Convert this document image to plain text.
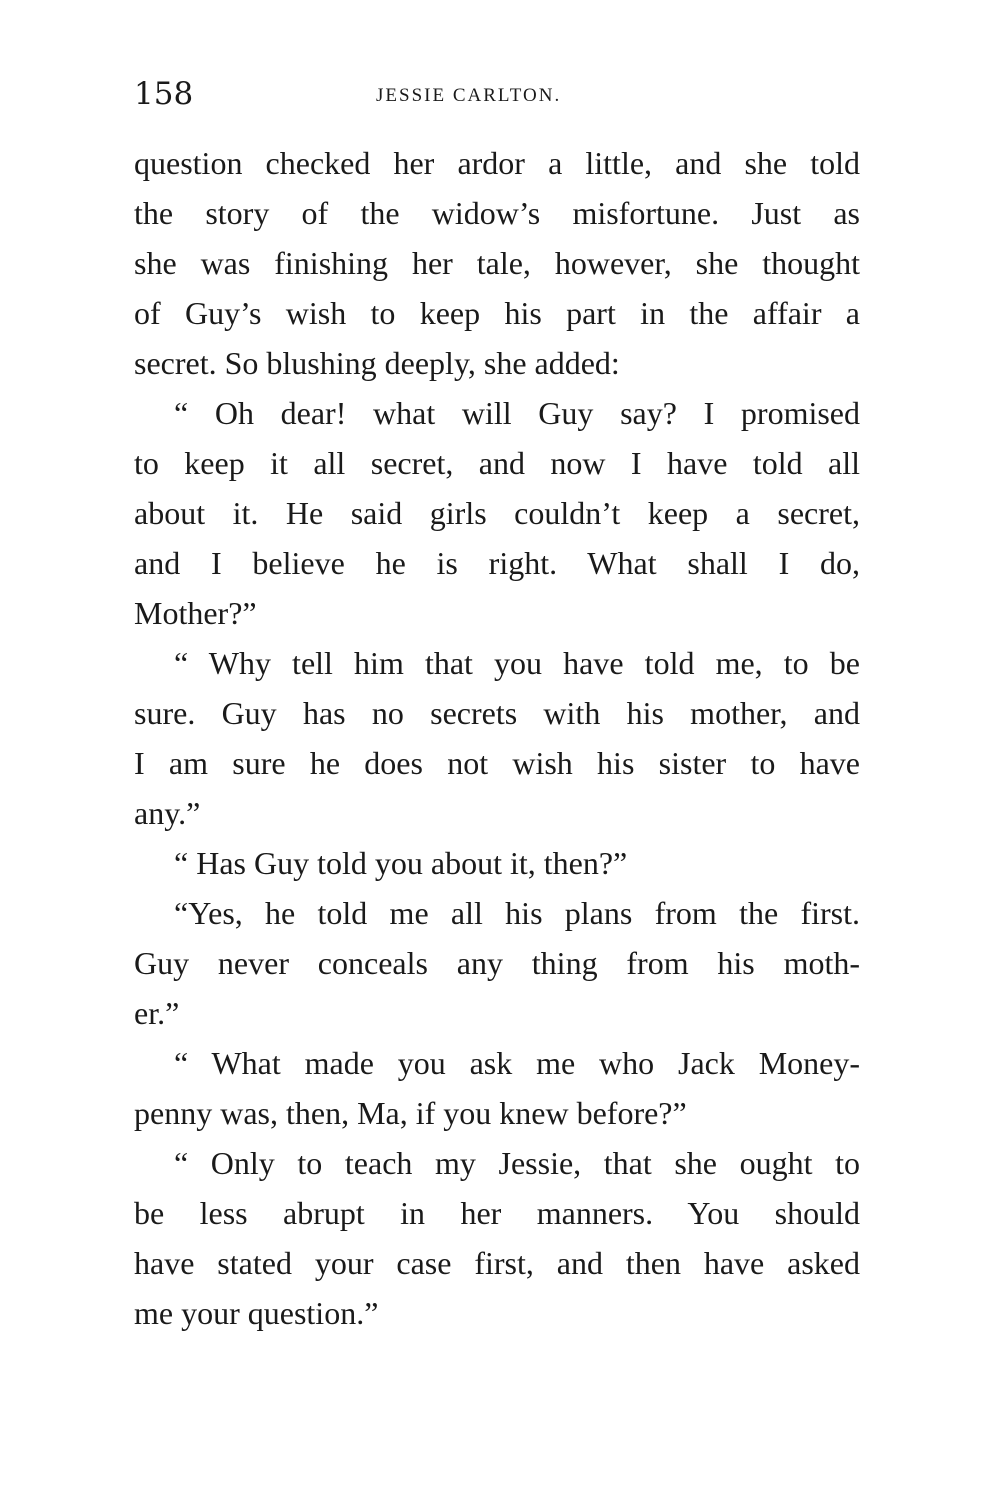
158	JESSIE CARLTON.
question checked her ardor a little, and she told
the story of the widow’s misfortune. Just as
she was finishing her tale, however, she thought
of Guy’s wish to keep his part in the affair a
secret. So blushing deeply, she added:
“ Oh dear! what will Guy say? I promised
to keep it all secret, and now I have told all
about it. He said girls couldn’t keep a secret,
and I believe he is right. What shall I do,
Mother?”
“ Why tell him that you have told me, to be
sure. Guy has no secrets with his mother, and
I am sure he does not wish his sister to have
any.”
“ Has Guy told you about it, then?”
“Yes, he told me all his plans from the first.
Guy never conceals any thing from his moth-
er.”
“ What made you ask me who Jack Money-
penny was, then, Ma, if you knew before?”
“ Only to teach my Jessie, that she ought to
be less abrupt in her manners. You should
have stated your case first, and then have asked
me your question.”
